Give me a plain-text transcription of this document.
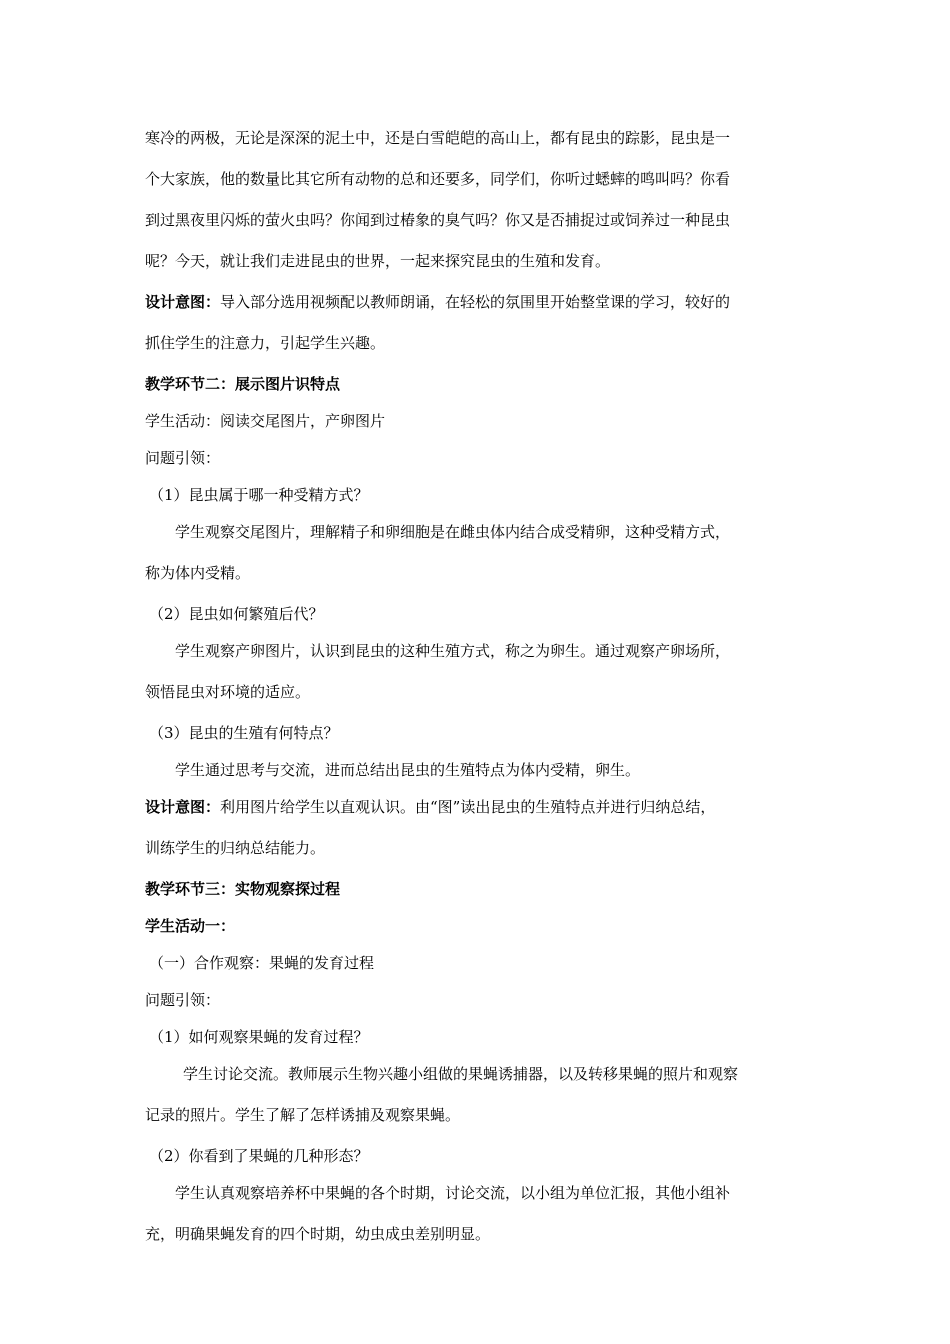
寒冷的两极，无论是深深的泥土中，还是白雪皑皑的高山上，都有昆虫的踪影，昆虫是一

个大家族，他的数量比其它所有动物的总和还要多，同学们，你听过蟋蟀的鸣叫吗？你看

到过黑夜里闪烁的萤火虫吗？你闻到过椿象的臭气吗？你又是否捕捉过或饲养过一种昆虫

呢？今天，就让我们走进昆虫的世界，一起来探究昆虫的生殖和发育。

设计意图：导入部分选用视频配以教师朗诵，在轻松的氛围里开始整堂课的学习，较好的

抓住学生的注意力，引起学生兴趣。

教学环节二：展示图片识特点

学生活动：阅读交尾图片，产卵图片

问题引领：

（1）昆虫属于哪一种受精方式？

学生观察交尾图片，理解精子和卵细胞是在雌虫体内结合成受精卵，这种受精方式，

称为体内受精。

（2）昆虫如何繁殖后代？

学生观察产卵图片，认识到昆虫的这种生殖方式，称之为卵生。通过观察产卵场所，

领悟昆虫对环境的适应。

（3）昆虫的生殖有何特点？

学生通过思考与交流，进而总结出昆虫的生殖特点为体内受精，卵生。

设计意图：利用图片给学生以直观认识。由“图”读出昆虫的生殖特点并进行归纳总结，

训练学生的归纳总结能力。

教学环节三：实物观察探过程

学生活动一：

（一）合作观察：果蝇的发育过程

问题引领：

（1）如何观察果蝇的发育过程？

学生讨论交流。教师展示生物兴趣小组做的果蝇诱捕器，以及转移果蝇的照片和观察

记录的照片。学生了解了怎样诱捕及观察果蝇。

（2）你看到了果蝇的几种形态？

学生认真观察培养杯中果蝇的各个时期，讨论交流，以小组为单位汇报，其他小组补

充，明确果蝇发育的四个时期，幼虫成虫差别明显。
